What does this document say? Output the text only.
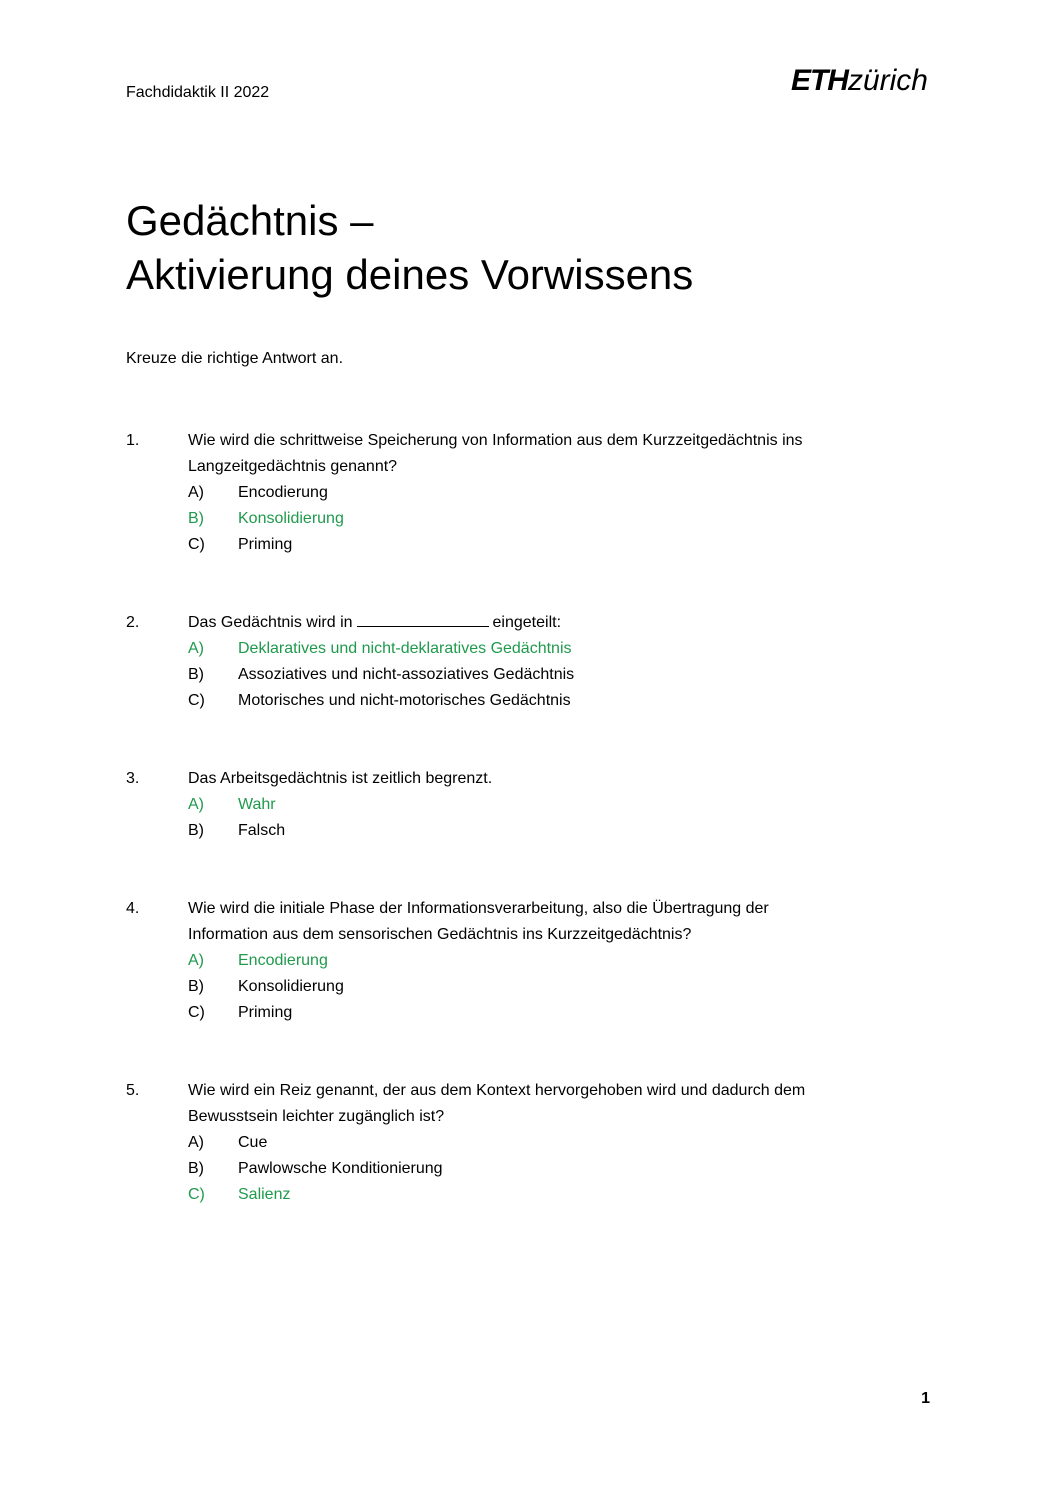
Fachdidaktik II 2022	ETHzürich
Gedächtnis –
Aktivierung deines Vorwissens
Kreuze die richtige Antwort an.
1.	Wie wird die schrittweise Speicherung von Information aus dem Kurzzeitgedächtnis ins
Langzeitgedächtnis genannt?
A)	Encodierung
B)	Konsolidierung
C)	Priming
2.	Das Gedächtnis wird in	eingeteilt:
A)	Deklaratives und nicht-deklaratives Gedächtnis
B)	Assoziatives und nicht-assoziatives Gedächtnis
C)	Motorisches und nicht-motorisches Gedächtnis
3.	Das Arbeitsgedächtnis ist zeitlich begrenzt.
A)	Wahr
B)	Falsch
4.	Wie wird die initiale Phase der Informationsverarbeitung, also die Übertragung der
Information aus dem sensorischen Gedächtnis ins Kurzzeitgedächtnis?
A)	Encodierung
B)	Konsolidierung
C)	Priming
5.	Wie wird ein Reiz genannt, der aus dem Kontext hervorgehoben wird und dadurch dem
Bewusstsein leichter zugänglich ist?
A)	Cue
B)	Pawlowsche Konditionierung
C)	Salienz
1
